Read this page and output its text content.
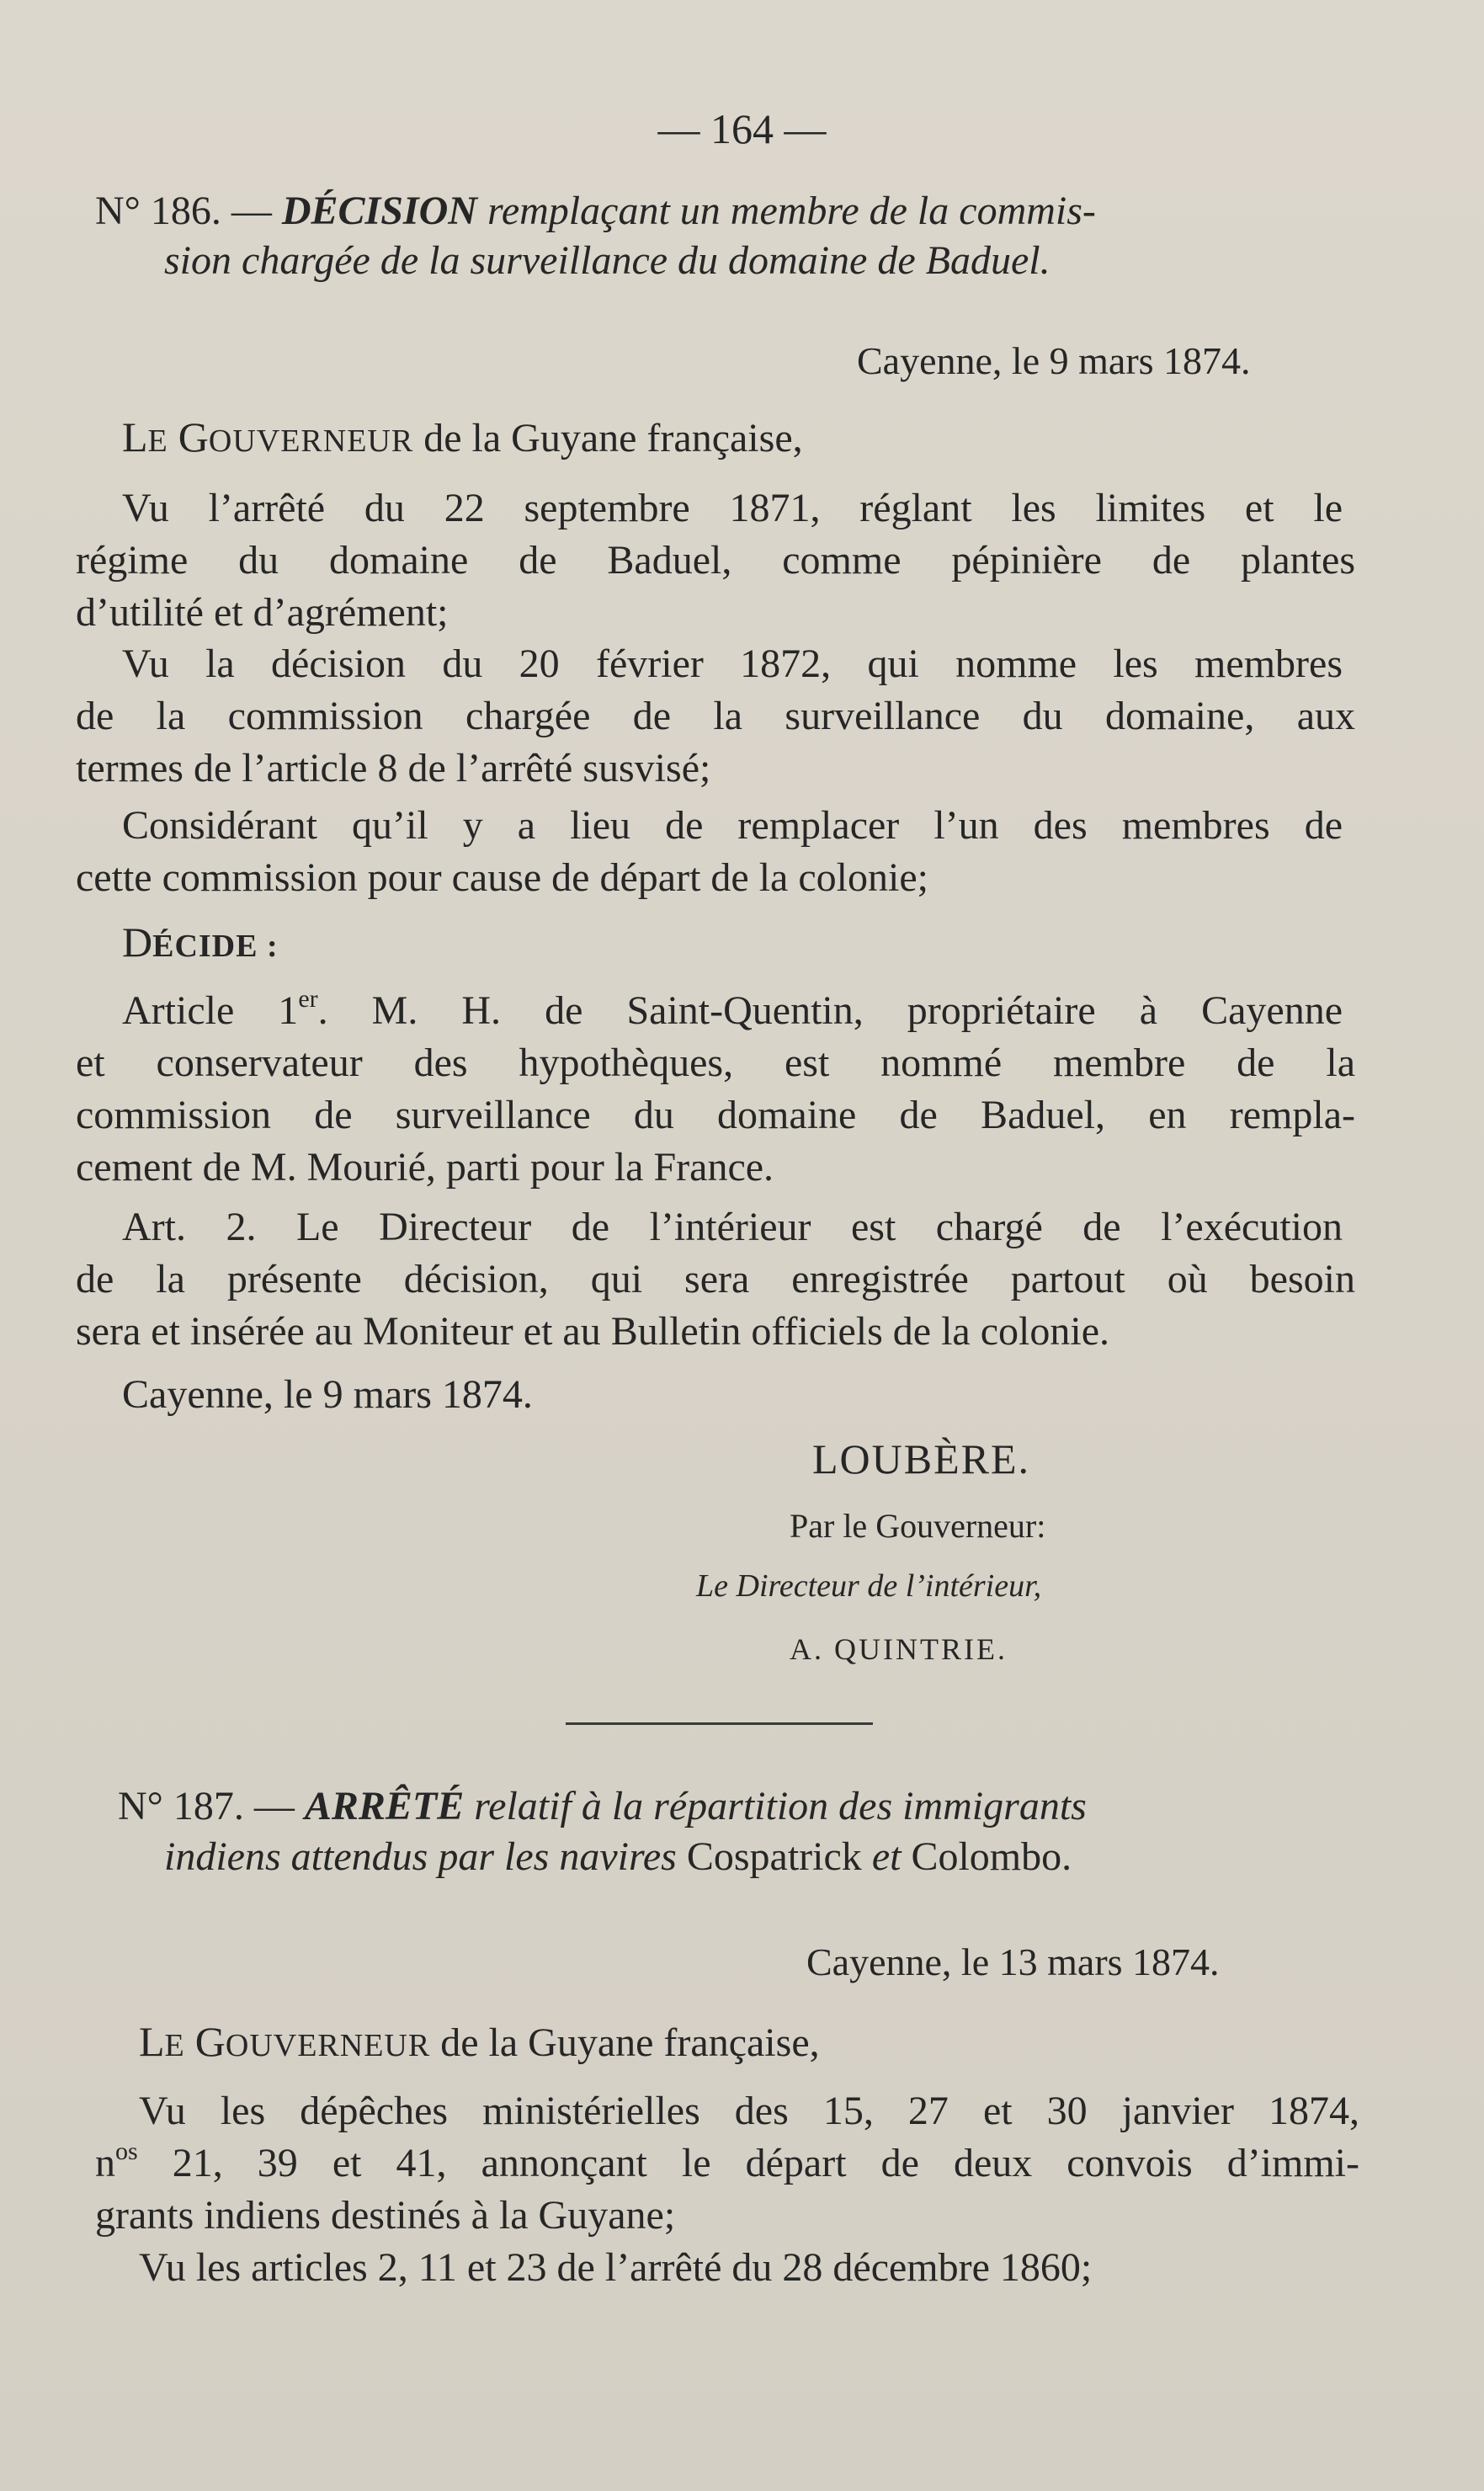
— 164 —
N° 186. — DÉCISION remplaçant un membre de la commis-
sion chargée de la surveillance du domaine de Baduel.
Cayenne, le 9 mars 1874.
LE GOUVERNEUR de la Guyane française,
Vu l’arrêté du 22 septembre 1871, réglant les limites et le
régime du domaine de Baduel, comme pépinière de plantes
d’utilité et d’agrément;
Vu la décision du 20 février 1872, qui nomme les membres
de la commission chargée de la surveillance du domaine, aux
termes de l’article 8 de l’arrêté susvisé;
Considérant qu’il y a lieu de remplacer l’un des membres de
cette commission pour cause de départ de la colonie;
DÉCIDE :
Article 1er. M. H. de Saint-Quentin, propriétaire à Cayenne
et conservateur des hypothèques, est nommé membre de la
commission de surveillance du domaine de Baduel, en rempla-
cement de M. Mourié, parti pour la France.
Art. 2. Le Directeur de l’intérieur est chargé de l’exécution
de la présente décision, qui sera enregistrée partout où besoin
sera et insérée au Moniteur et au Bulletin officiels de la colonie.
Cayenne, le 9 mars 1874.
LOUBÈRE.
Par le Gouverneur:
Le Directeur de l’intérieur,
A. QUINTRIE.
N° 187. — ARRÊTÉ relatif à la répartition des immigrants
indiens attendus par les navires Cospatrick et Colombo.
Cayenne, le 13 mars 1874.
LE GOUVERNEUR de la Guyane française,
Vu les dépêches ministérielles des 15, 27 et 30 janvier 1874,
$n^{os}$ 21, 39 et 41, annonçant le départ de deux convois d’immi-
grants indiens destinés à la Guyane;
Vu les articles 2, 11 et 23 de l’arrêté du 28 décembre 1860;
